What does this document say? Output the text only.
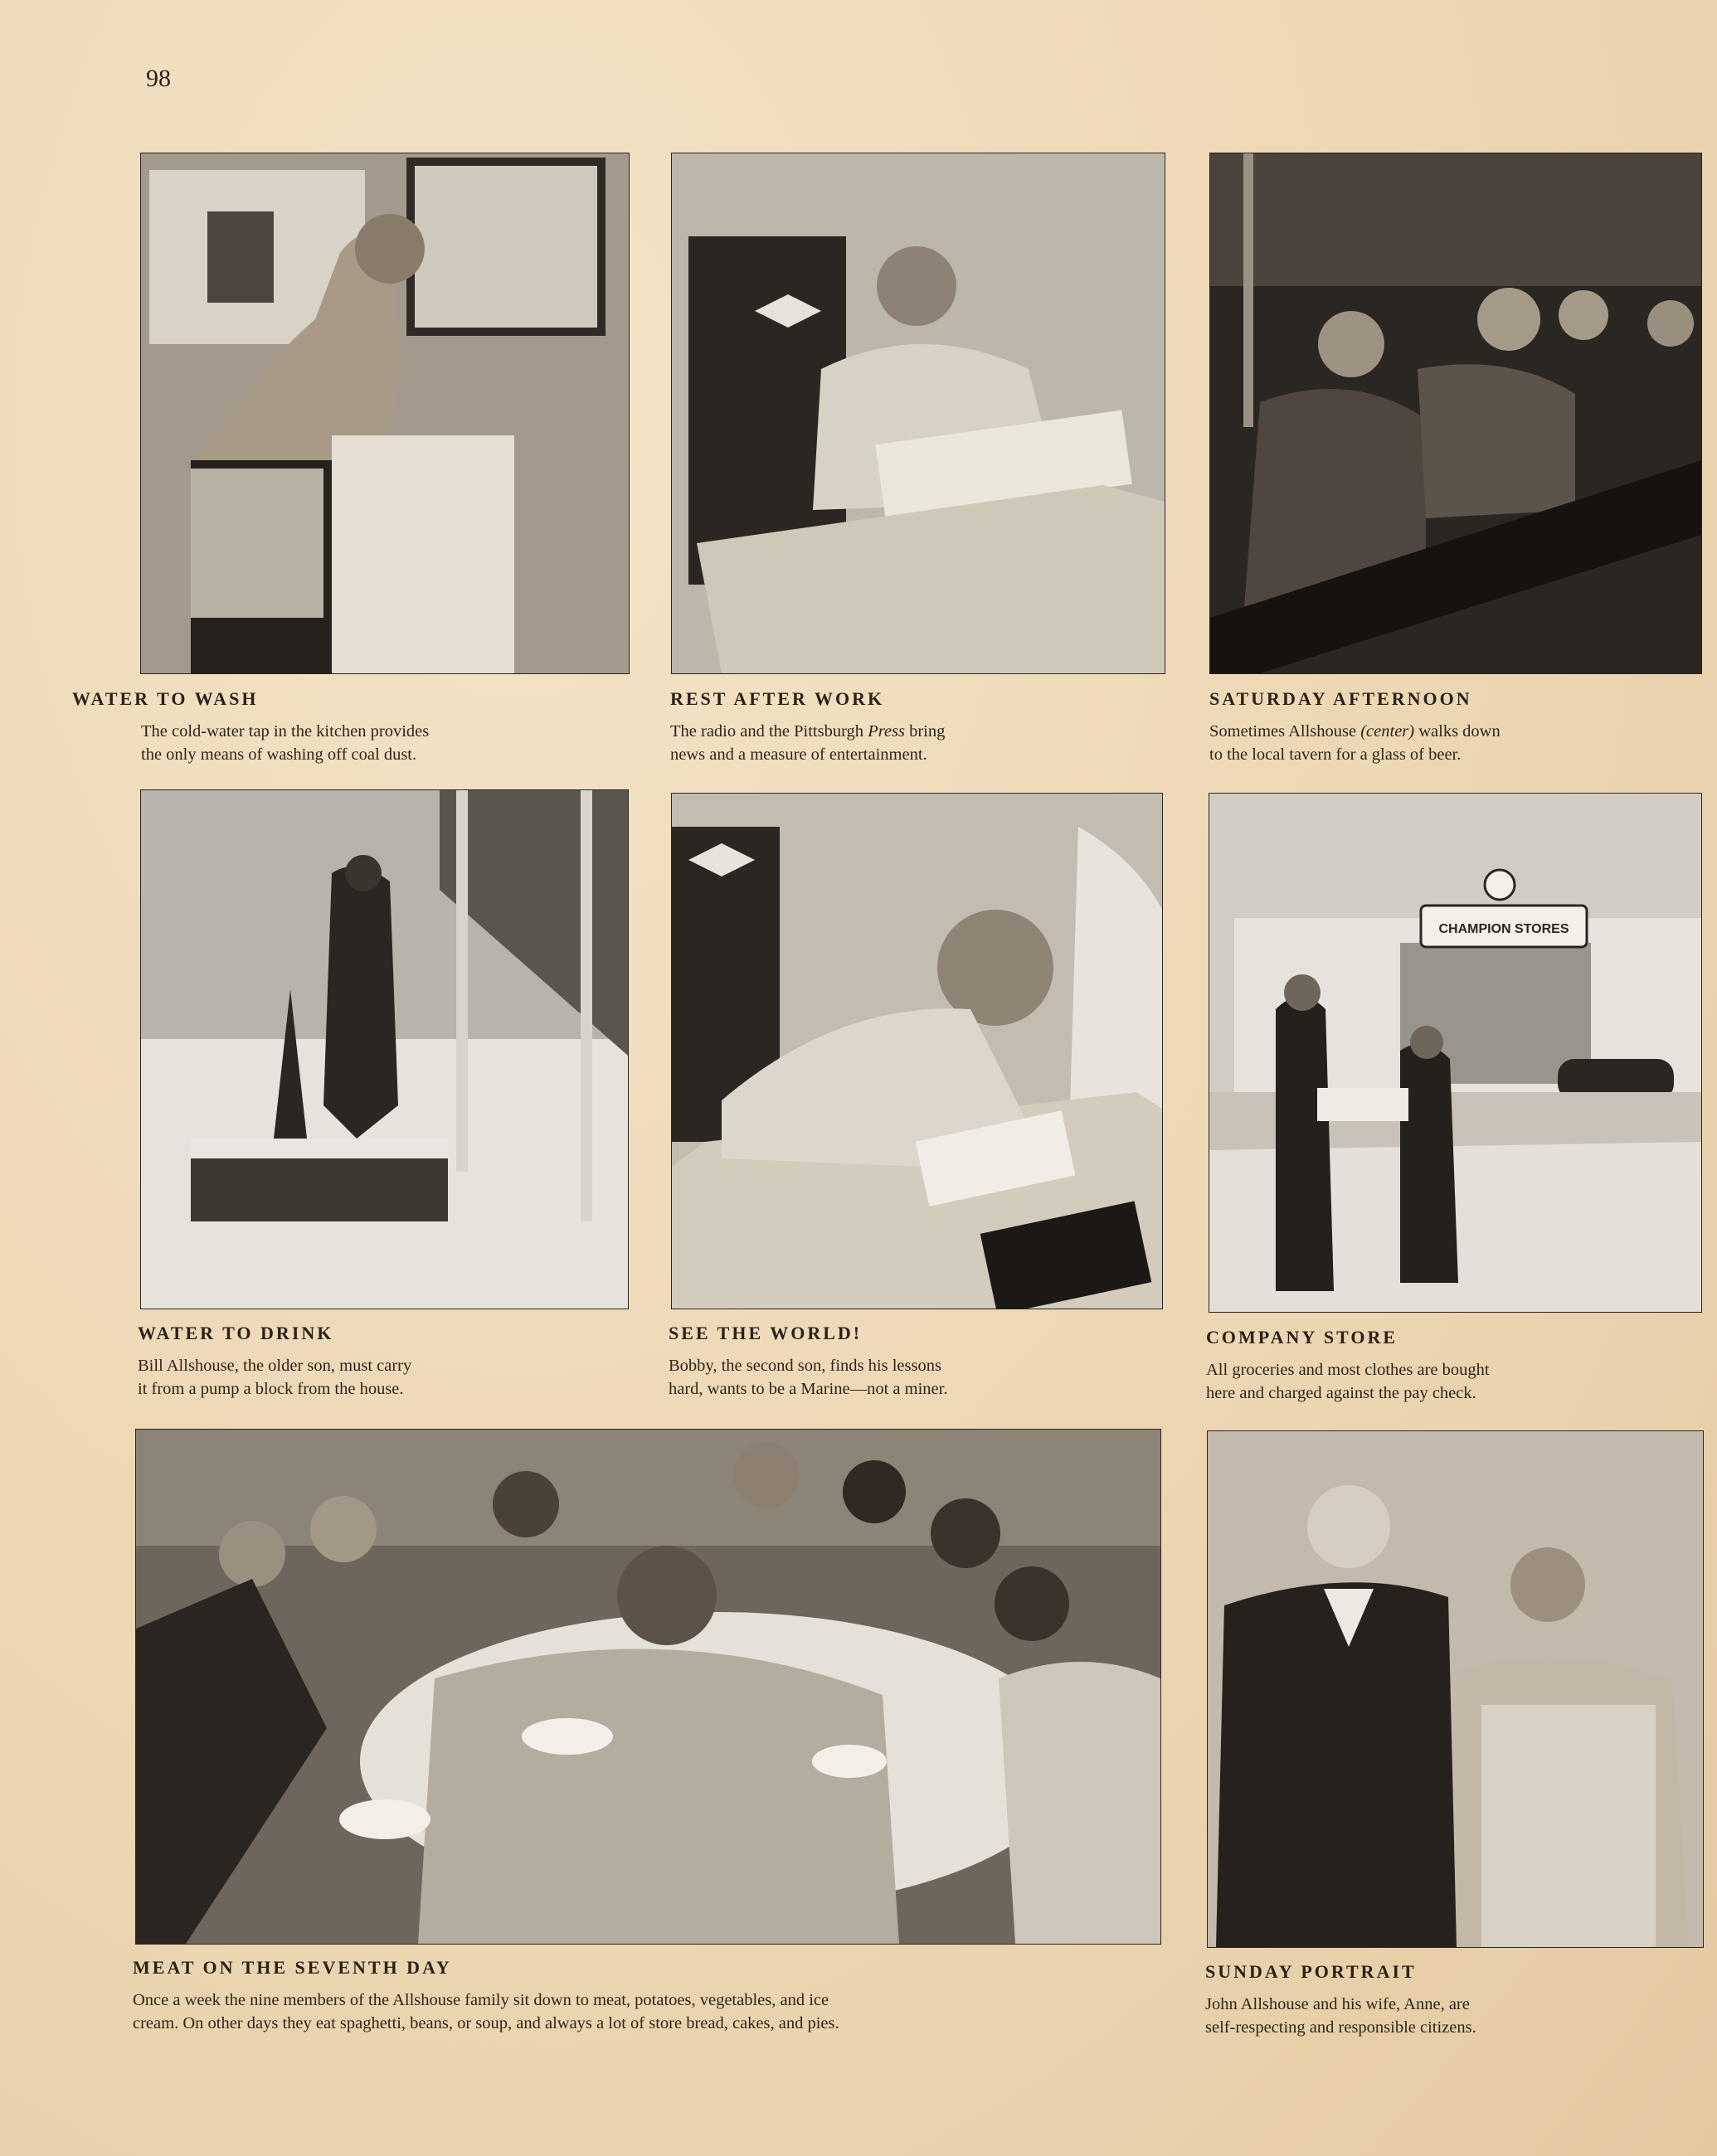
98
WATER TO WASH
The cold-water tap in the kitchen provides
the only means of washing off coal dust.
REST AFTER WORK
The radio and the Pittsburgh Press bring
news and a measure of entertainment.
SATURDAY AFTERNOON
Sometimes Allshouse (center) walks down
to the local tavern for a glass of beer.
WATER TO DRINK
Bill Allshouse, the older son, must carry
it from a pump a block from the house.
SEE THE WORLD!
Bobby, the second son, finds his lessons
hard, wants to be a Marine—not a miner.
CHAMPION STORES
COMPANY STORE
All groceries and most clothes are bought
here and charged against the pay check.
MEAT ON THE SEVENTH DAY
Once a week the nine members of the Allshouse family sit down to meat, potatoes, vegetables, and ice
cream. On other days they eat spaghetti, beans, or soup, and always a lot of store bread, cakes, and pies.
SUNDAY PORTRAIT
John Allshouse and his wife, Anne, are
self-respecting and responsible citizens.
